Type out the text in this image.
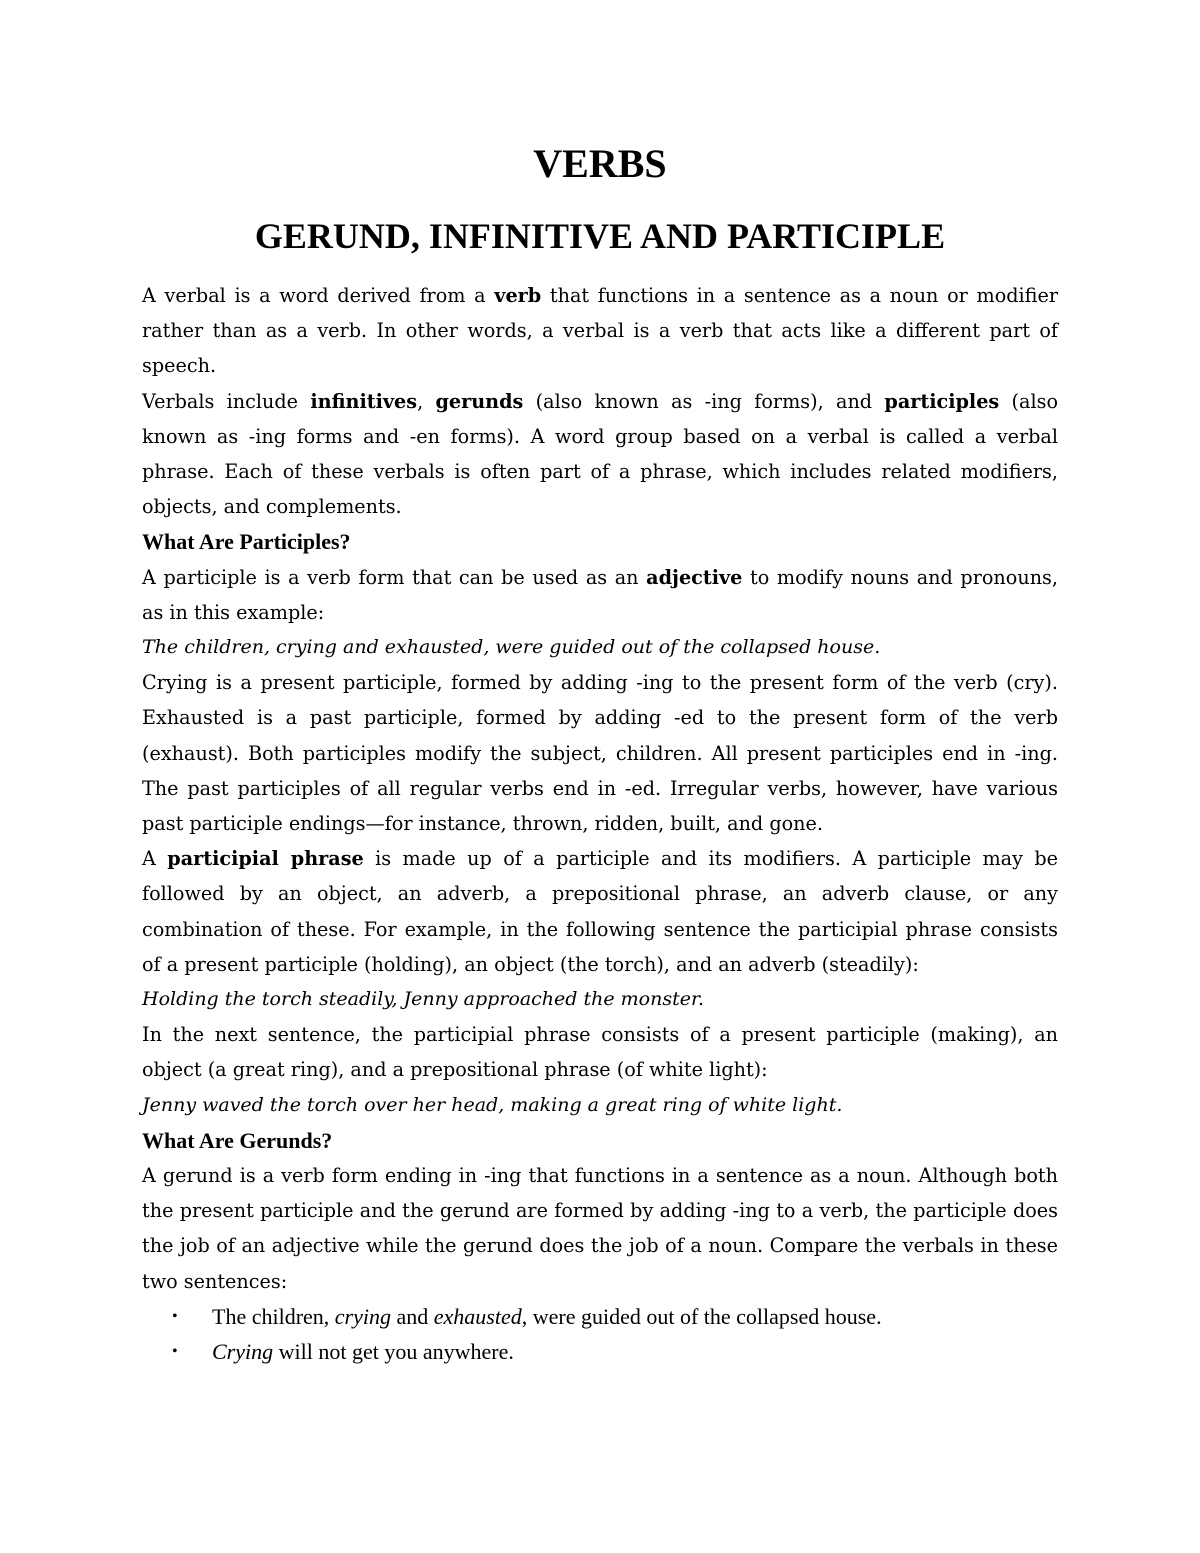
VERBS
GERUND, INFINITIVE AND PARTICIPLE

A verbal is a word derived from a verb that functions in a sentence as a noun or modifier rather than as a verb. In other words, a verbal is a verb that acts like a different part of speech.

Verbals include infinitives, gerunds (also known as -ing forms), and participles (also known as -ing forms and -en forms). A word group based on a verbal is called a verbal phrase. Each of these verbals is often part of a phrase, which includes related modifiers, objects, and complements.

What Are Participles?

A participle is a verb form that can be used as an adjective to modify nouns and pronouns, as in this example:

The children, crying and exhausted, were guided out of the collapsed house.

Crying is a present participle, formed by adding -ing to the present form of the verb (cry). Exhausted is a past participle, formed by adding -ed to the present form of the verb (exhaust). Both participles modify the subject, children. All present participles end in -ing. The past participles of all regular verbs end in -ed. Irregular verbs, however, have various past participle endings—for instance, thrown, ridden, built, and gone.

A participial phrase is made up of a participle and its modifiers. A participle may be followed by an object, an adverb, a prepositional phrase, an adverb clause, or any combination of these. For example, in the following sentence the participial phrase consists of a present participle (holding), an object (the torch), and an adverb (steadily):

Holding the torch steadily, Jenny approached the monster.

In the next sentence, the participial phrase consists of a present participle (making), an object (a great ring), and a prepositional phrase (of white light):

Jenny waved the torch over her head, making a great ring of white light.

What Are Gerunds?

A gerund is a verb form ending in -ing that functions in a sentence as a noun. Although both the present participle and the gerund are formed by adding -ing to a verb, the participle does the job of an adjective while the gerund does the job of a noun. Compare the verbals in these two sentences:

• The children, crying and exhausted, were guided out of the collapsed house.
• Crying will not get you anywhere.
